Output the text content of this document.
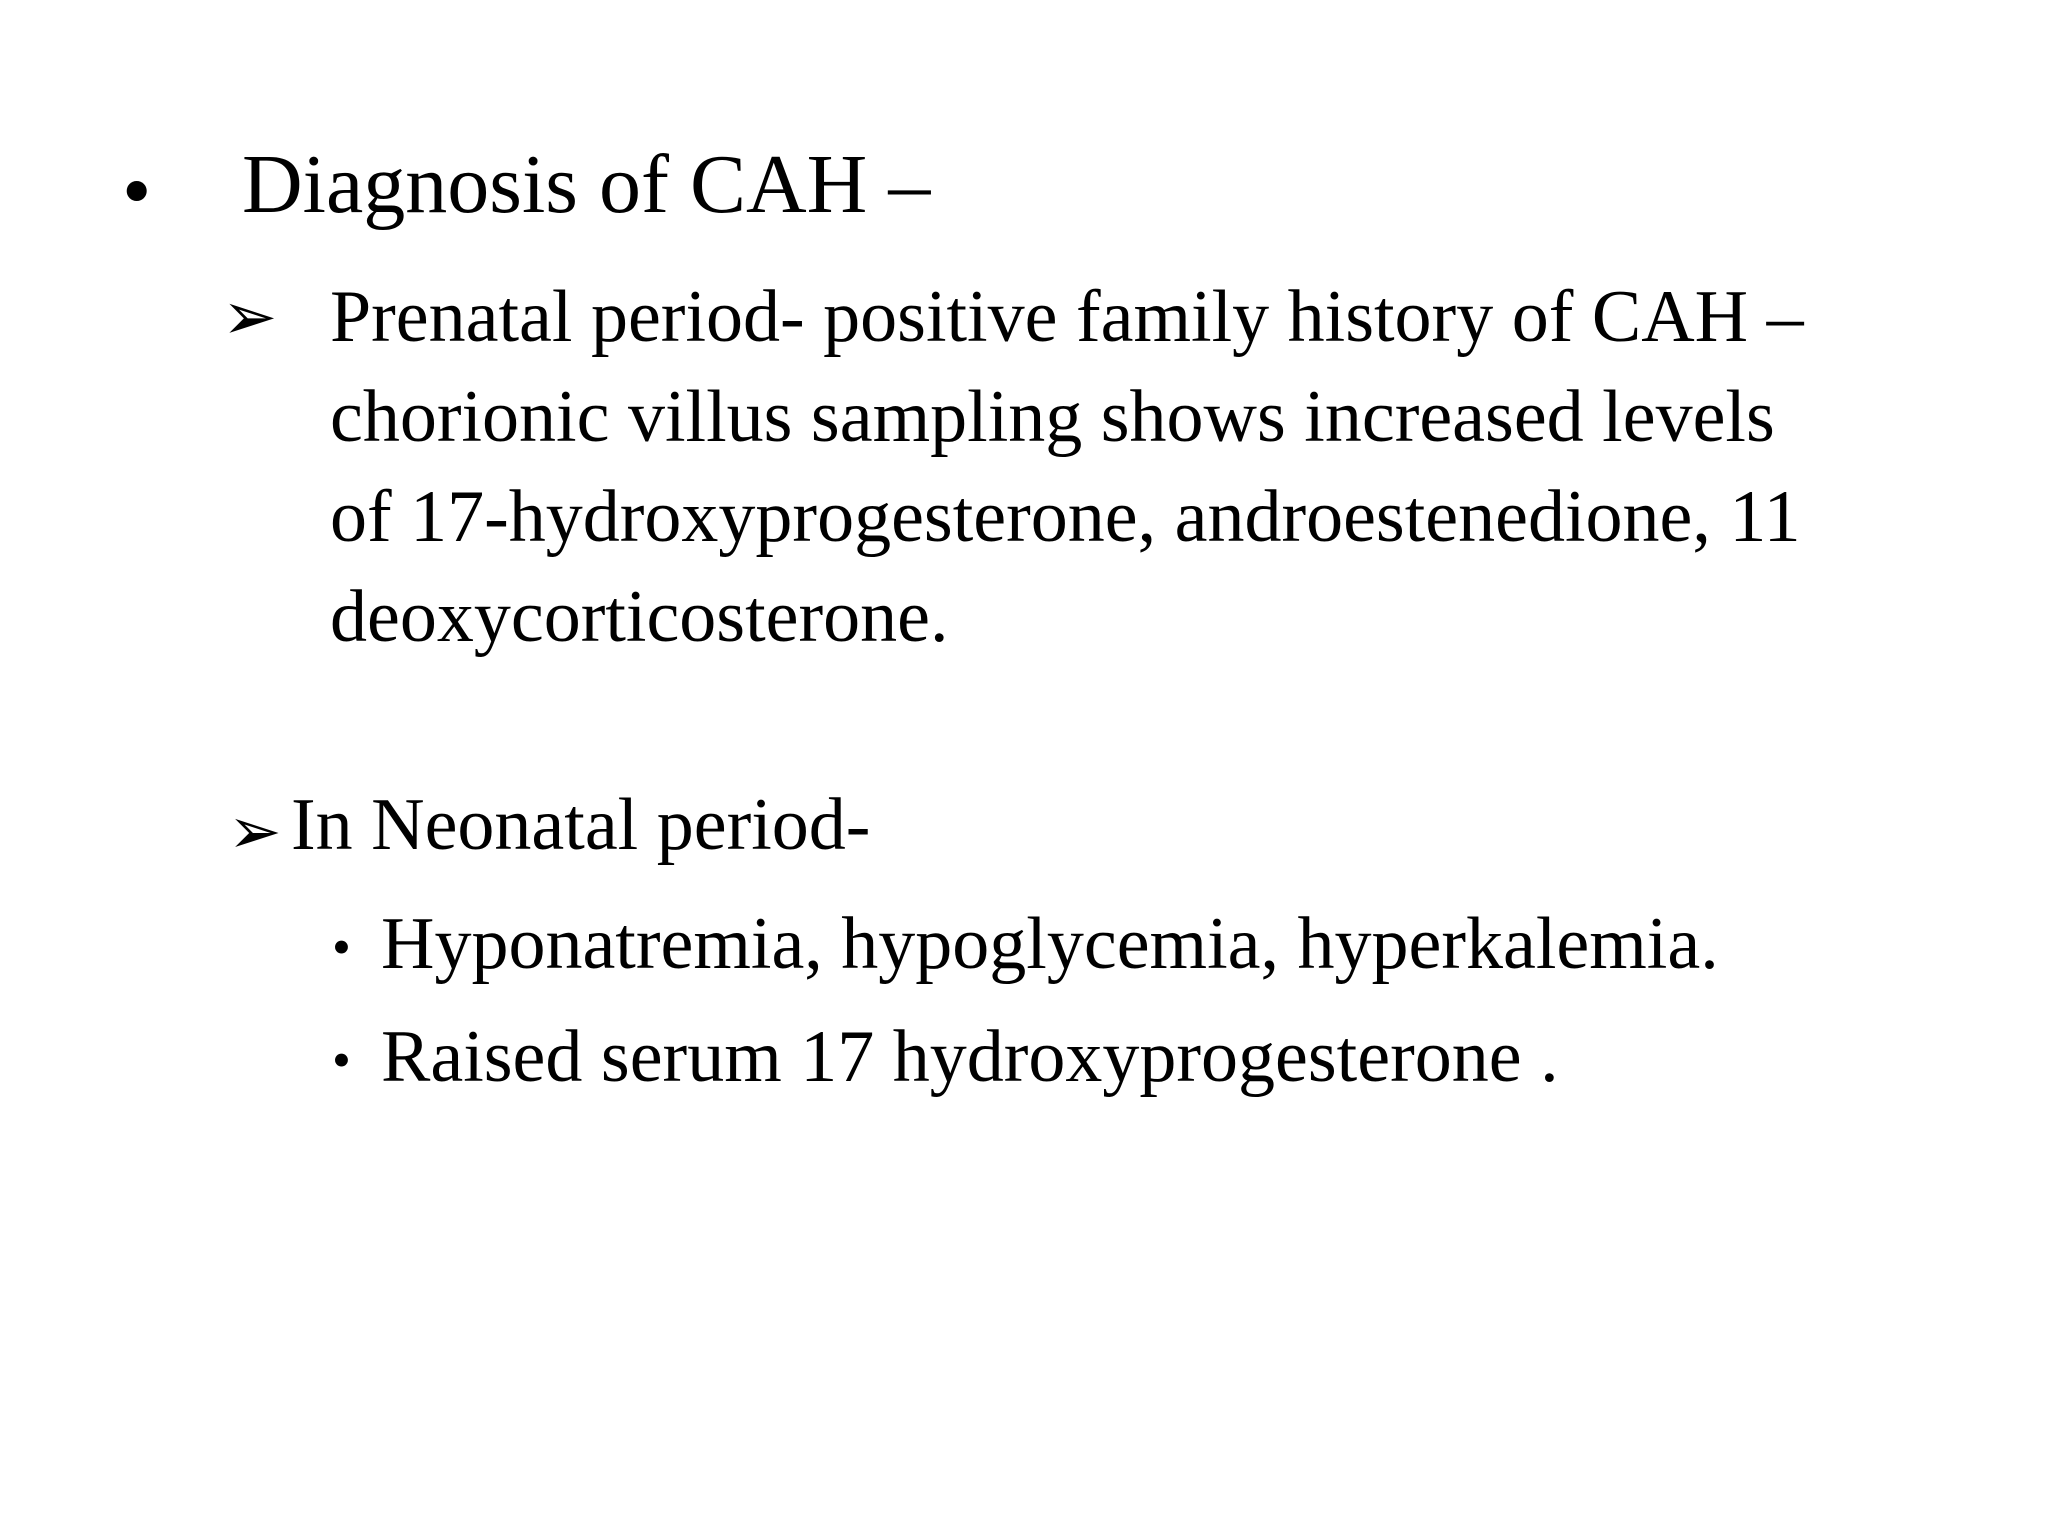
• Diagnosis of CAH –
➢ Prenatal period- positive family history of CAH –
chorionic villus sampling shows increased levels
of 17-hydroxyprogesterone, androestenedione, 11
deoxycorticosterone.
➢ In Neonatal period-
• Hyponatremia, hypoglycemia, hyperkalemia.
• Raised serum 17 hydroxyprogesterone .
